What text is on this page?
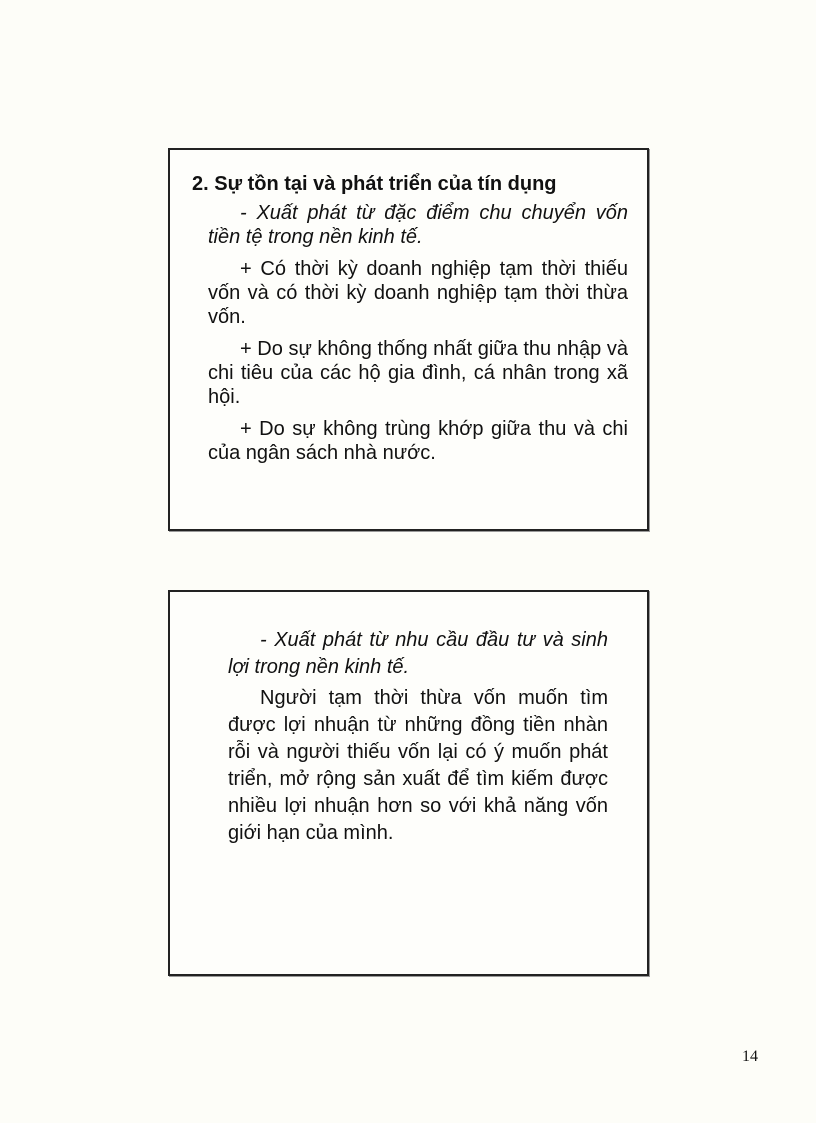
2. Sự tồn tại và phát triển của tín dụng

- Xuất phát từ đặc điểm chu chuyển vốn tiền tệ trong nền kinh tế.

+ Có thời kỳ doanh nghiệp tạm thời thiếu vốn và có thời kỳ doanh nghiệp tạm thời thừa vốn.

+ Do sự không thống nhất giữa thu nhập và chi tiêu của các hộ gia đình, cá nhân trong xã hội.

+ Do sự không trùng khớp giữa thu và chi của ngân sách nhà nước.

- Xuất phát từ nhu cầu đầu tư và sinh lợi trong nền kinh tế.

Người tạm thời thừa vốn muốn tìm được lợi nhuận từ những đồng tiền nhàn rỗi và người thiếu vốn lại có ý muốn phát triển, mở rộng sản xuất để tìm kiếm được nhiều lợi nhuận hơn so với khả năng vốn giới hạn của mình.

14
